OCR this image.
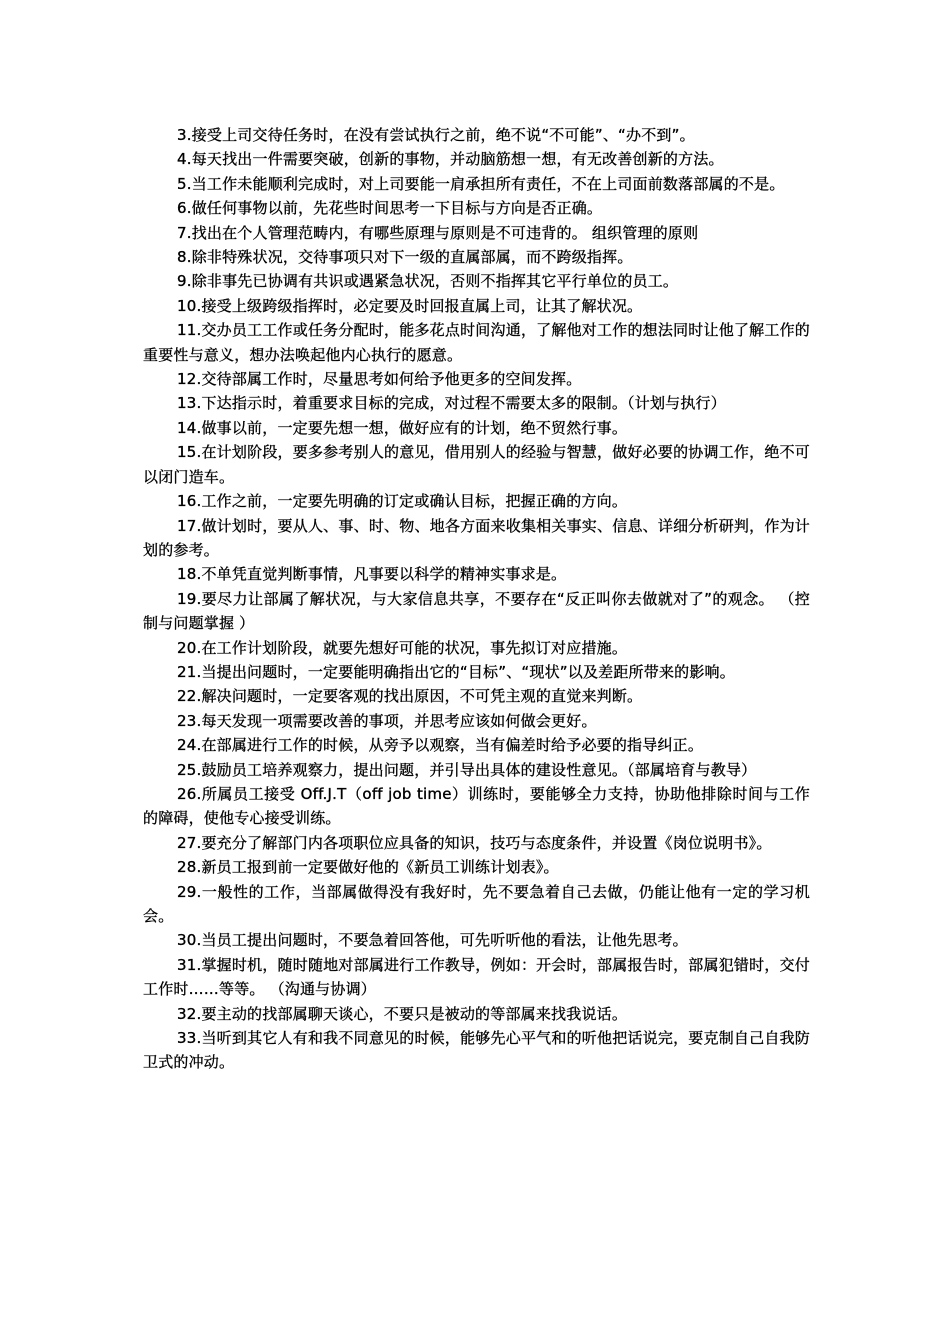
3.接受上司交待任务时，在没有尝试执行之前，绝不说“不可能”、“办不到”。

4.每天找出一件需要突破，创新的事物，并动脑筋想一想，有无改善创新的方法。

5.当工作未能顺利完成时，对上司要能一肩承担所有责任，不在上司面前数落部属的不是。

6.做任何事物以前，先花些时间思考一下目标与方向是否正确。

7.找出在个人管理范畴内，有哪些原理与原则是不可违背的。 组织管理的原则

8.除非特殊状况，交待事项只对下一级的直属部属，而不跨级指挥。

9.除非事先已协调有共识或遇紧急状况，否则不指挥其它平行单位的员工。

10.接受上级跨级指挥时，必定要及时回报直属上司，让其了解状况。

11.交办员工工作或任务分配时，能多花点时间沟通，了解他对工作的想法同时让他了解工作的重要性与意义，想办法唤起他内心执行的愿意。

12.交待部属工作时，尽量思考如何给予他更多的空间发挥。

13.下达指示时，着重要求目标的完成，对过程不需要太多的限制。（计划与执行）

14.做事以前，一定要先想一想，做好应有的计划，绝不贸然行事。

15.在计划阶段，要多参考别人的意见，借用别人的经验与智慧，做好必要的协调工作，绝不可以闭门造车。

16.工作之前，一定要先明确的订定或确认目标，把握正确的方向。

17.做计划时，要从人、事、时、物、地各方面来收集相关事实、信息、详细分析研判，作为计划的参考。

18.不单凭直觉判断事情，凡事要以科学的精神实事求是。

19.要尽力让部属了解状况，与大家信息共享，不要存在“反正叫你去做就对了”的观念。 （控制与问题掌握 ）

20.在工作计划阶段，就要先想好可能的状况，事先拟订对应措施。

21.当提出问题时，一定要能明确指出它的“目标”、“现状”以及差距所带来的影响。

22.解决问题时，一定要客观的找出原因，不可凭主观的直觉来判断。

23.每天发现一项需要改善的事项，并思考应该如何做会更好。

24.在部属进行工作的时候，从旁予以观察，当有偏差时给予必要的指导纠正。

25.鼓励员工培养观察力，提出问题，并引导出具体的建设性意见。（部属培育与教导）

26.所属员工接受 Off.J.T（off job time）训练时，要能够全力支持，协助他排除时间与工作的障碍，使他专心接受训练。

27.要充分了解部门内各项职位应具备的知识，技巧与态度条件，并设置《岗位说明书》。

28.新员工报到前一定要做好他的《新员工训练计划表》。

29.一般性的工作，当部属做得没有我好时，先不要急着自己去做，仍能让他有一定的学习机会。

30.当员工提出问题时，不要急着回答他，可先听听他的看法，让他先思考。

31.掌握时机，随时随地对部属进行工作教导，例如：开会时，部属报告时，部属犯错时，交付工作时……等等。 （沟通与协调）

32.要主动的找部属聊天谈心，不要只是被动的等部属来找我说话。

33.当听到其它人有和我不同意见的时候，能够先心平气和的听他把话说完，要克制自己自我防卫式的冲动。
